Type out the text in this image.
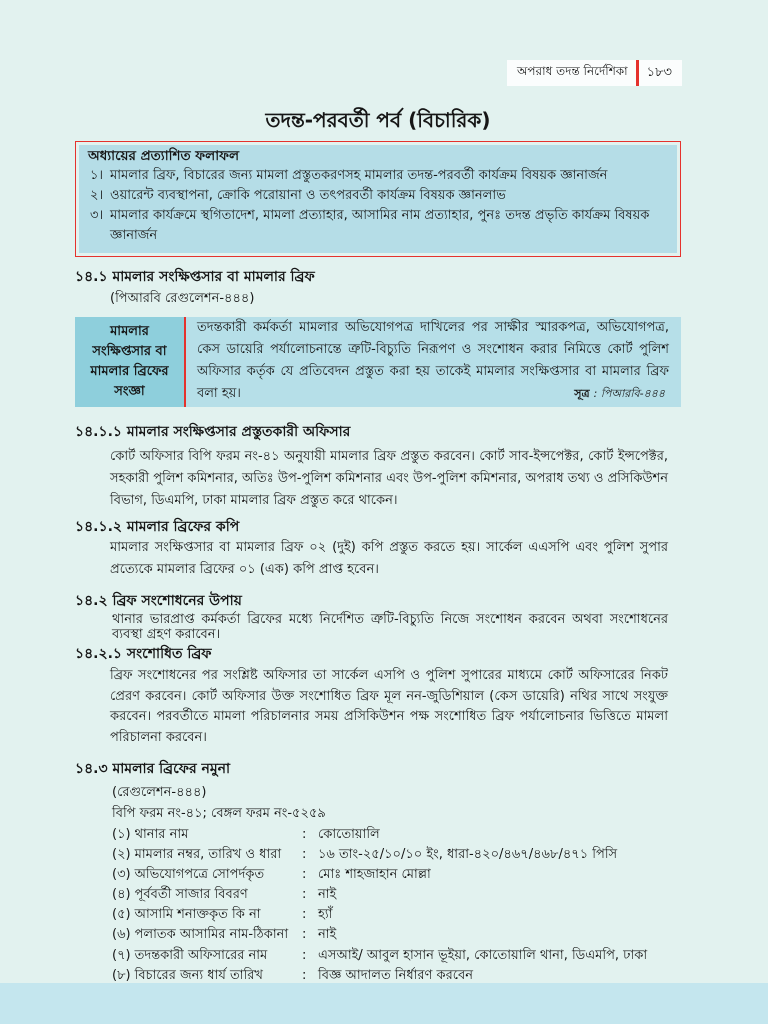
অপরাধ তদন্ত নির্দেশিকা	১৮৩
তদন্ত-পরবর্তী পর্ব (বিচারিক)
অধ্যায়ের প্রত্যাশিত ফলাফল
১। মামলার ব্রিফ, বিচারের জন্য মামলা প্রস্তুতকরণসহ মামলার তদন্ত-পরবর্তী কার্যক্রম বিষয়ক জ্ঞানার্জন
২। ওয়ারেন্ট ব্যবস্থাপনা, ক্রোকি পরোয়ানা ও তৎপরবর্তী কার্যক্রম বিষয়ক জ্ঞানলাভ
৩। মামলার কার্যক্রমে স্থগিতাদেশ, মামলা প্রত্যাহার, আসামির নাম প্রত্যাহার, পুনঃ তদন্ত প্রভৃতি কার্যক্রম বিষয়ক জ্ঞানার্জন
১৪.১ মামলার সংক্ষিপ্তসার বা মামলার ব্রিফ
(পিআরবি রেগুলেশন-৪৪৪)
মামলার সংক্ষিপ্তসার বা মামলার ব্রিফের সংজ্ঞা
তদন্তকারী কর্মকর্তা মামলার অভিযোগপত্র দাখিলের পর সাক্ষীর স্মারকপত্র, অভিযোগপত্র, কেস ডায়েরি পর্যালোচনান্তে ত্রুটি-বিচ্যুতি নিরূপণ ও সংশোধন করার নিমিত্তে কোর্ট পুলিশ অফিসার কর্তৃক যে প্রতিবেদন প্রস্তুত করা হয় তাকেই মামলার সংক্ষিপ্তসার বা মামলার ব্রিফ বলা হয়।	সূত্র : পিআরবি-৪৪৪
১৪.১.১ মামলার সংক্ষিপ্তসার প্রস্তুতকারী অফিসার

কোর্ট অফিসার বিপি ফরম নং-৪১ অনুযায়ী মামলার ব্রিফ প্রস্তুত করবেন। কোর্ট সাব-ইন্সপেক্টর, কোর্ট ইন্সপেক্টর, সহকারী পুলিশ কমিশনার, অতিঃ উপ-পুলিশ কমিশনার এবং উপ-পুলিশ কমিশনার, অপরাধ তথ্য ও প্রসিকিউশন বিভাগ, ডিএমপি, ঢাকা মামলার ব্রিফ প্রস্তুত করে থাকেন।

১৪.১.২ মামলার ব্রিফের কপি

মামলার সংক্ষিপ্তসার বা মামলার ব্রিফ ০২ (দুই) কপি প্রস্তুত করতে হয়। সার্কেল এএসপি এবং পুলিশ সুপার প্রত্যেকে মামলার ব্রিফের ০১ (এক) কপি প্রাপ্ত হবেন।

১৪.২ ব্রিফ সংশোধনের উপায়

থানার ভারপ্রাপ্ত কর্মকর্তা ব্রিফের মধ্যে নির্দেশিত ত্রুটি-বিচ্যুতি নিজে সংশোধন করবেন অথবা সংশোধনের ব্যবস্থা গ্রহণ করাবেন।

১৪.২.১ সংশোধিত ব্রিফ

ব্রিফ সংশোধনের পর সংশ্লিষ্ট অফিসার তা সার্কেল এসপি ও পুলিশ সুপারের মাধ্যমে কোর্ট অফিসারের নিকট প্রেরণ করবেন। কোর্ট অফিসার উক্ত সংশোধিত ব্রিফ মূল নন-জুডিশিয়াল (কেস ডায়েরি) নথির সাথে সংযুক্ত করবেন। পরবর্তীতে মামলা পরিচালনার সময় প্রসিকিউশন পক্ষ সংশোধিত ব্রিফ পর্যালোচনার ভিত্তিতে মামলা পরিচালনা করবেন।

১৪.৩ মামলার ব্রিফের নমুনা
(রেগুলেশন-৪৪৪)
বিপি ফরম নং-৪১; বেঙ্গল ফরম নং-৫২৫৯
(১) থানার নাম	: কোতোয়ালি
(২) মামলার নম্বর, তারিখ ও ধারা : ১৬ তাং-২৫/১০/১০ ইং, ধারা-৪২০/৪৬৭/৪৬৮/৪৭১ পিসি
(৩) অভিযোগপত্রে সোপর্দকৃত	: মোঃ শাহজাহান মোল্লা
(৪) পূর্ববর্তী সাজার বিবরণ	: নাই
(৫) আসামি শনাক্তকৃত কি না	: হ্যাঁ
(৬) পলাতক আসামির নাম-ঠিকানা : নাই
(৭) তদন্তকারী অফিসারের নাম	: এসআই/ আবুল হাসান ভূইয়া, কোতোয়ালি থানা, ডিএমপি, ঢাকা
(৮) বিচারের জন্য ধার্য তারিখ	: বিজ্ঞ আদালত নির্ধারণ করবেন
